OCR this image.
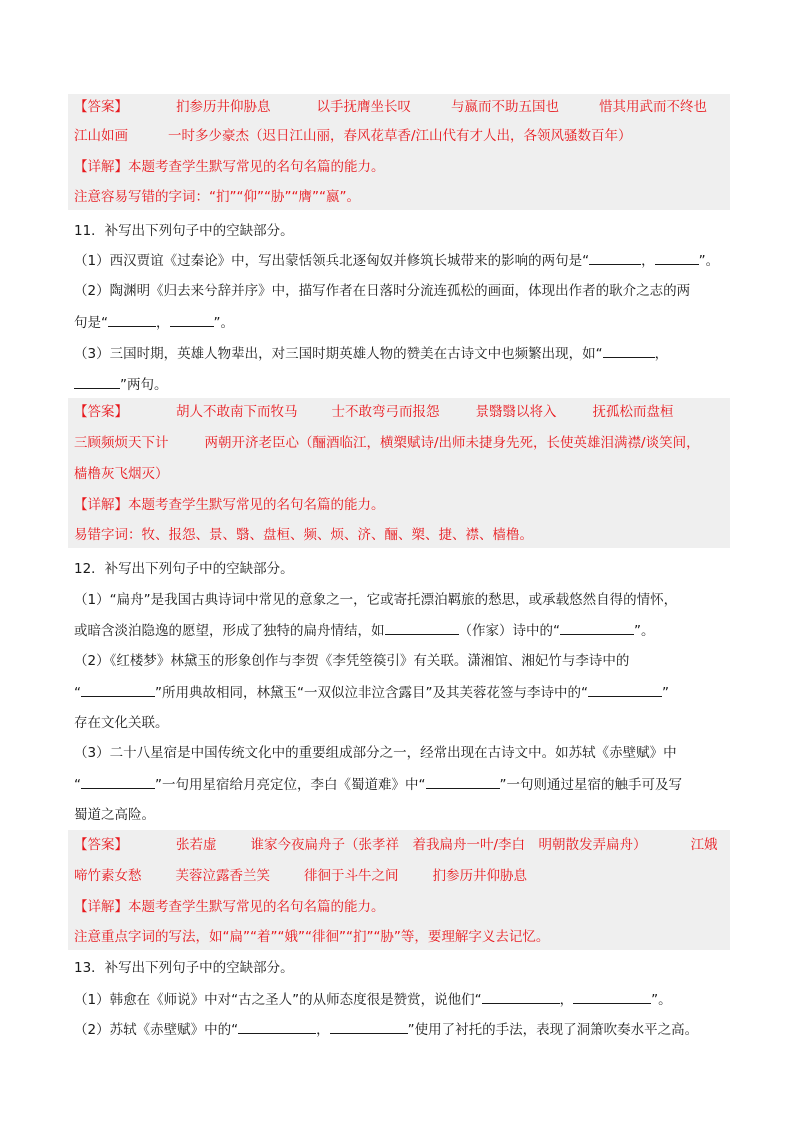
【答案】	扪参历井仰胁息	以手抚膺坐长叹	与嬴而不助五国也	惜其用武而不终也
江山如画	一时多少豪杰（迟日江山丽，春风花草香/江山代有才人出，各领风骚数百年）
【详解】本题考查学生默写常见的名句名篇的能力。
注意容易写错的字词：“扪”“仰”“胁”“膺”“嬴”。
11．补写出下列句子中的空缺部分。
（1）西汉贾谊《过秦论》中，写出蒙恬领兵北逐匈奴并修筑长城带来的影响的两句是“	，	”。
（2）陶渊明《归去来兮辞并序》中，描写作者在日落时分流连孤松的画面，体现出作者的耿介之志的两
句是“	，	”。
（3）三国时期，英雄人物辈出，对三国时期英雄人物的赞美在古诗文中也频繁出现，如“	，
”两句。
【答案】	胡人不敢南下而牧马	士不敢弯弓而报怨	景翳翳以将入	抚孤松而盘桓
三顾频烦天下计	两朝开济老臣心（酾酒临江，横槊赋诗/出师未捷身先死，长使英雄泪满襟/谈笑间，
樯橹灰飞烟灭）
【详解】本题考查学生默写常见的名句名篇的能力。
易错字词：牧、报怨、景、翳、盘桓、频、烦、济、酾、槊、捷、襟、樯橹。
12．补写出下列句子中的空缺部分。
（1）“扁舟”是我国古典诗词中常见的意象之一，它或寄托漂泊羁旅的愁思，或承载悠然自得的情怀，
或暗含淡泊隐逸的愿望，形成了独特的扁舟情结，如	（作家）诗中的“	”。
（2）《红楼梦》林黛玉的形象创作与李贺《李凭箜篌引》有关联。潇湘馆、湘妃竹与李诗中的
“	”所用典故相同，林黛玉“一双似泣非泣含露目”及其芙蓉花签与李诗中的“	”
存在文化关联。
（3）二十八星宿是中国传统文化中的重要组成部分之一，经常出现在古诗文中。如苏轼《赤壁赋》中
“	”一句用星宿给月亮定位，李白《蜀道难》中“	”一句则通过星宿的触手可及写
蜀道之高险。
【答案】	张若虚	谁家今夜扁舟子（张孝祥　着我扁舟一叶/李白　明朝散发弄扁舟）	江娥
啼竹素女愁	芙蓉泣露香兰笑	徘徊于斗牛之间	扪参历井仰胁息
【详解】本题考查学生默写常见的名句名篇的能力。
注意重点字词的写法，如“扁”“着”“娥”“徘徊”“扪”“胁”等，要理解字义去记忆。
13．补写出下列句子中的空缺部分。
（1）韩愈在《师说》中对“古之圣人”的从师态度很是赞赏，说他们“	，	”。
（2）苏轼《赤壁赋》中的“	，	”使用了衬托的手法，表现了洞箫吹奏水平之高。
